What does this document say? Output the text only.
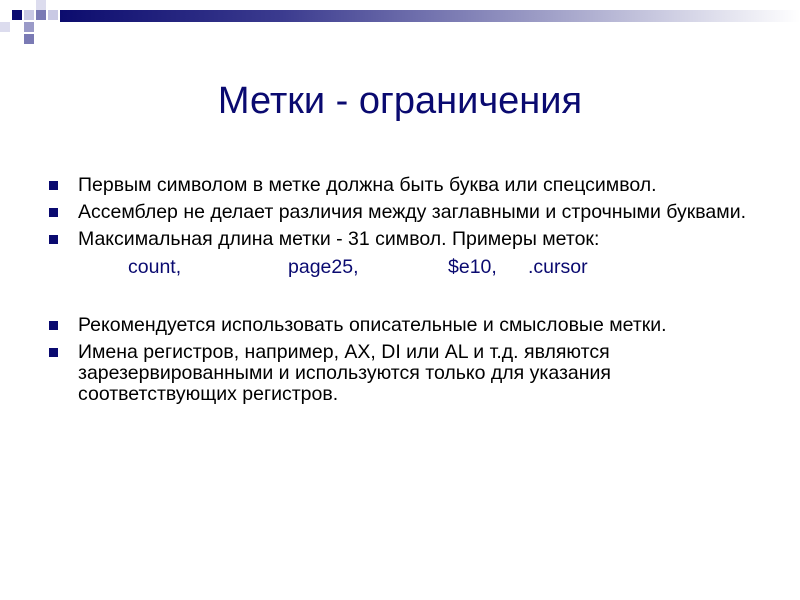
Метки - ограничения
Первым символом в метке должна быть буква или спецсимвол.
Ассемблер не делает различия между заглавными и строчными буквами.
Максимальная длина метки - 31 символ. Примеры меток:
count,	page25,	$e10, .cursor
Рекомендуется использовать описательные и смысловые метки.
Имена регистров, например, AX, DI или AL и т.д. являются зарезервированными и используются только для указания соответствующих регистров.
